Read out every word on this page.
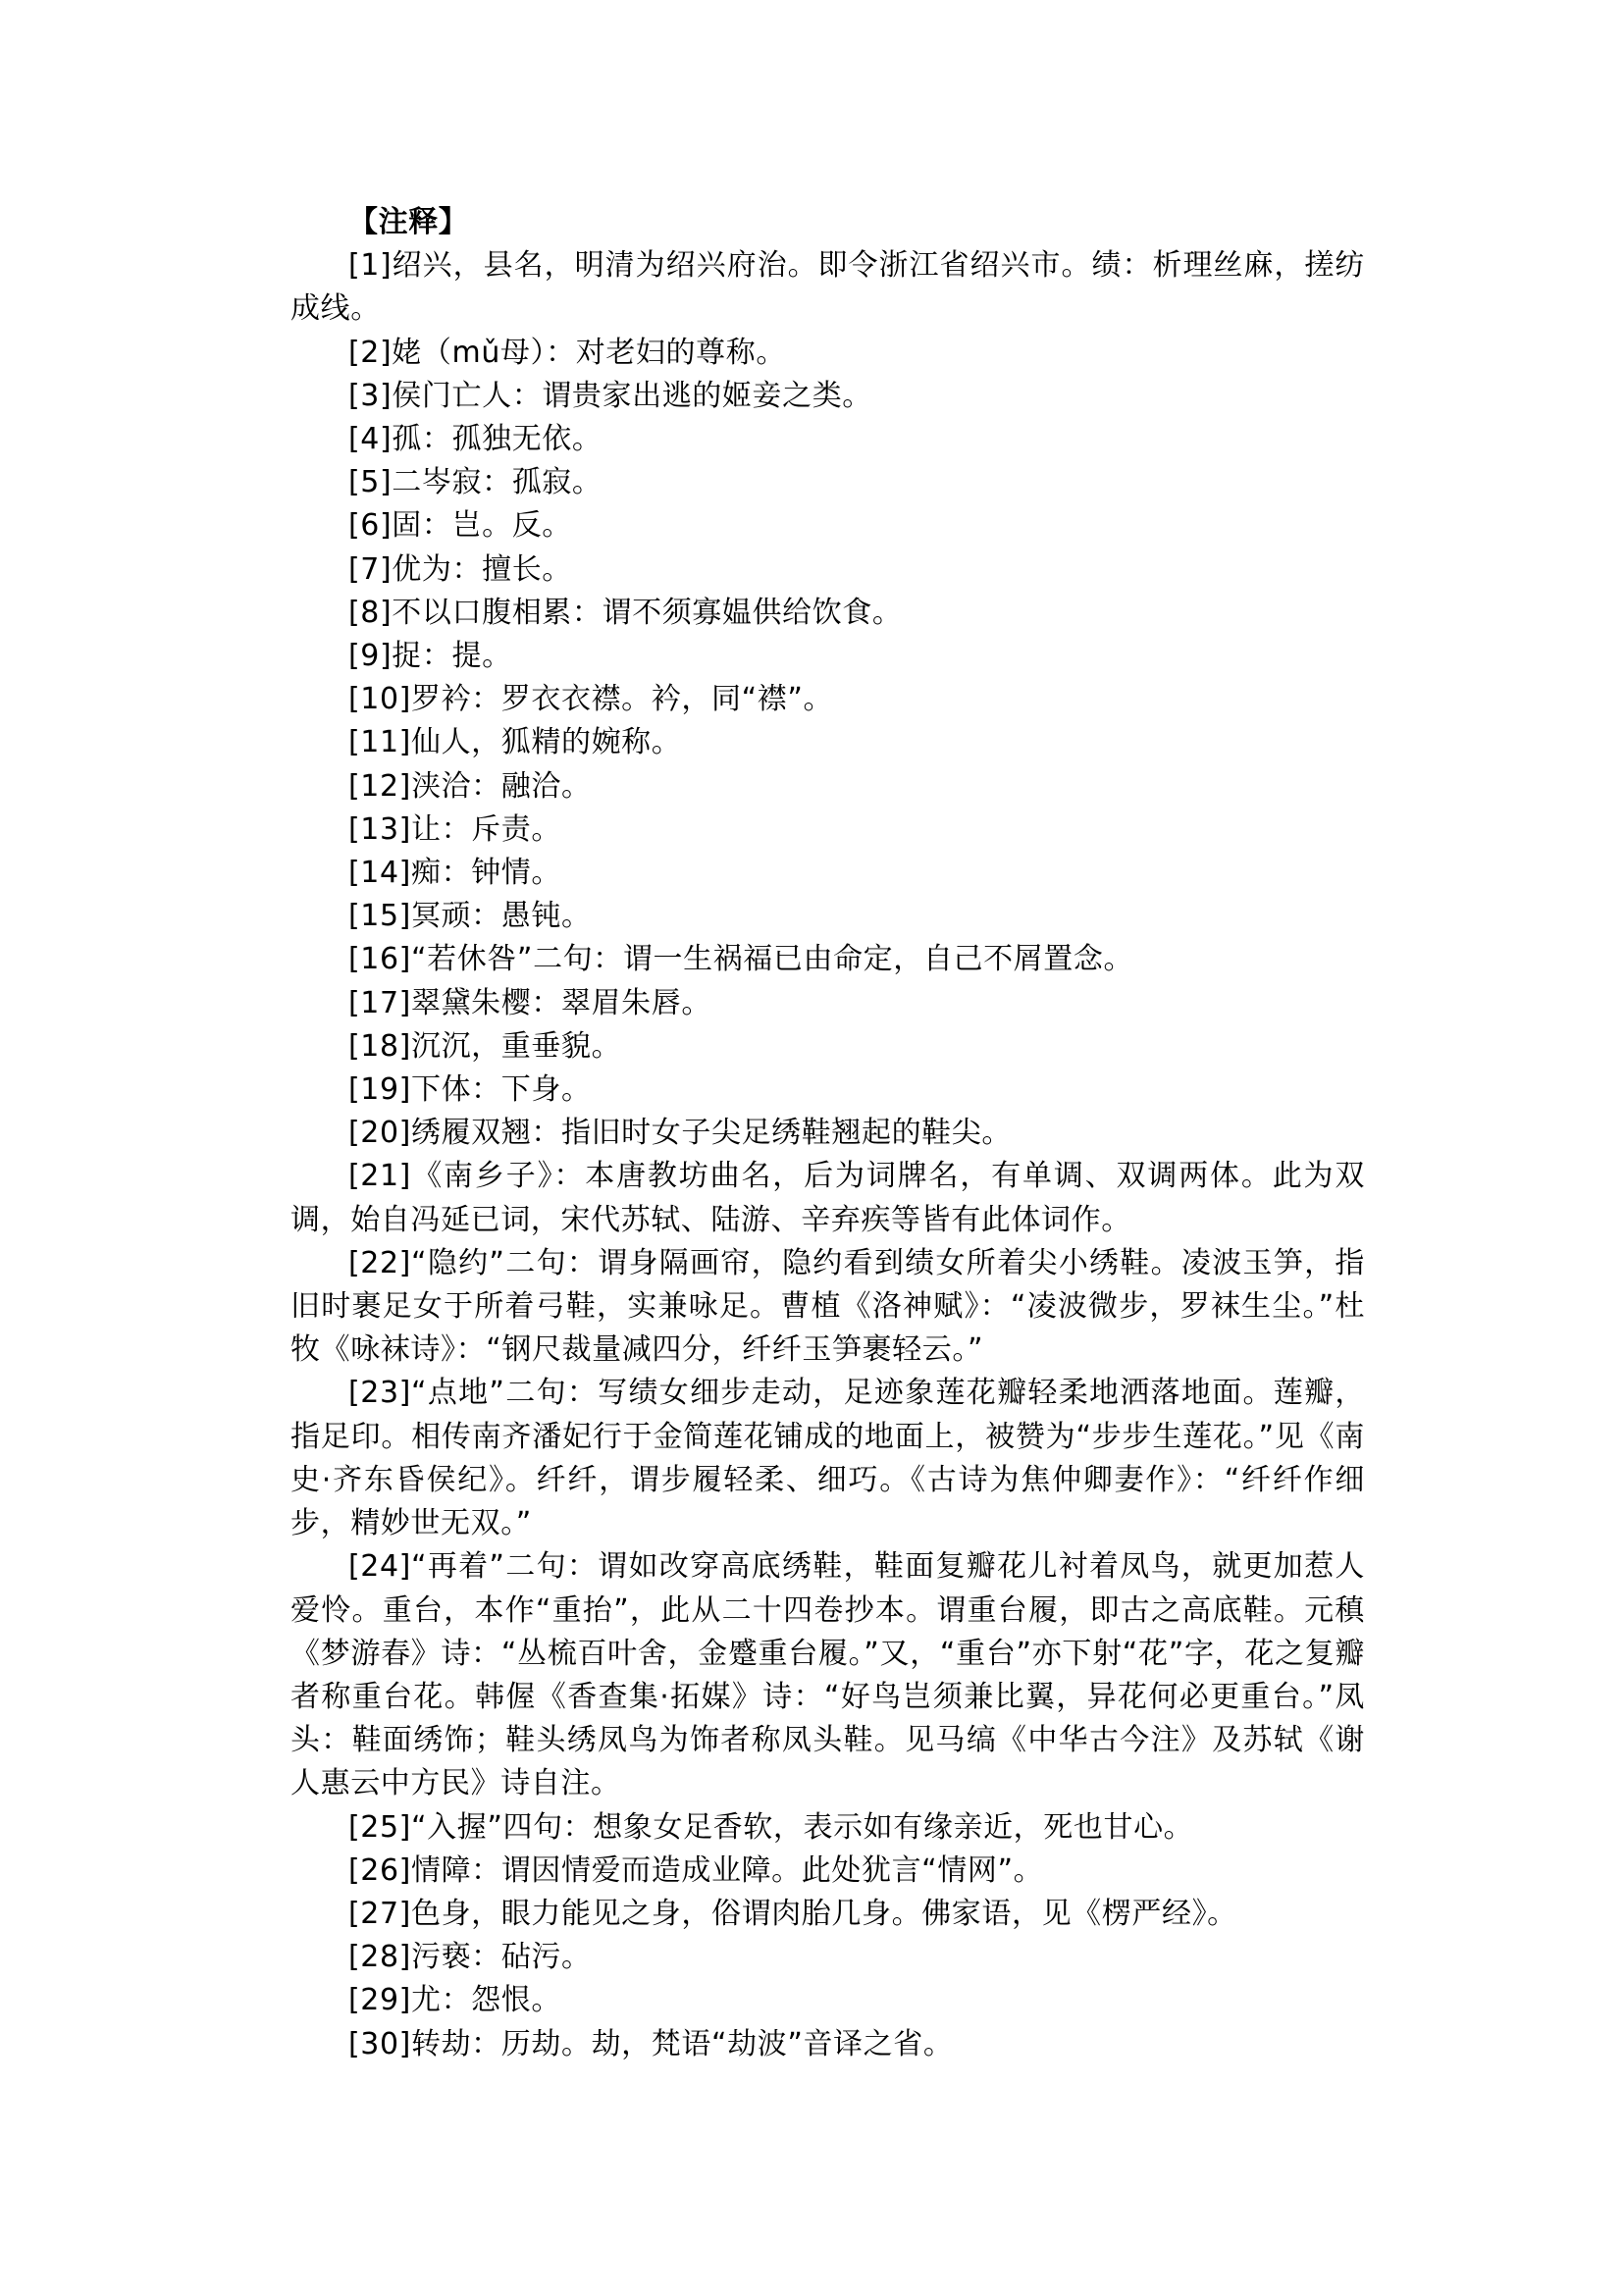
【注释】

[1]绍兴，县名，明清为绍兴府治。即令浙江省绍兴市。绩：析理丝麻，搓纺成线。
[2]姥（mǔ母）：对老妇的尊称。
[3]侯门亡人：谓贵家出逃的姬妾之类。
[4]孤：孤独无依。
[5]二岑寂：孤寂。
[6]固：岂。反。
[7]优为：擅长。
[8]不以口腹相累：谓不须寡媪供给饮食。
[9]捉：提。
[10]罗衿：罗衣衣襟。衿，同“襟”。
[11]仙人，狐精的婉称。
[12]浃洽：融洽。
[13]让：斥责。
[14]痴：钟情。
[15]冥顽：愚钝。
[16]“若休咎”二句：谓一生祸福已由命定，自己不屑置念。
[17]翠黛朱樱：翠眉朱唇。
[18]沉沉，重垂貌。
[19]下体：下身。
[20]绣履双翘：指旧时女子尖足绣鞋翘起的鞋尖。
[21]《南乡子》：本唐教坊曲名，后为词牌名，有单调、双调两体。此为双调，始自冯延已词，宋代苏轼、陆游、辛弃疾等皆有此体词作。
[22]“隐约”二句：谓身隔画帘，隐约看到绩女所着尖小绣鞋。凌波玉笋，指旧时裹足女于所着弓鞋，实兼咏足。曹植《洛神赋》：“凌波微步，罗袜生尘。”杜牧《咏袜诗》：“钢尺裁量减四分，纤纤玉笋裹轻云。”
[23]“点地”二句：写绩女细步走动，足迹象莲花瓣轻柔地洒落地面。莲瓣，指足印。相传南齐潘妃行于金简莲花铺成的地面上，被赞为“步步生莲花。”见《南史·齐东昏侯纪》。纤纤，谓步履轻柔、细巧。《古诗为焦仲卿妻作》：“纤纤作细步，精妙世无双。”
[24]“再着”二句：谓如改穿高底绣鞋，鞋面复瓣花儿衬着凤鸟，就更加惹人爱怜。重台，本作“重抬”，此从二十四卷抄本。谓重台履，即古之高底鞋。元稹《梦游春》诗：“丛梳百叶舍，金蹙重台履。”又，“重台”亦下射“花”字，花之复瓣者称重台花。韩偓《香查集·拓媒》诗：“好鸟岂须兼比翼，异花何必更重台。”凤头：鞋面绣饰；鞋头绣凤鸟为饰者称凤头鞋。见马缟《中华古今注》及苏轼《谢人惠云中方民》诗自注。
[25]“入握”四句：想象女足香软，表示如有缘亲近，死也甘心。
[26]情障：谓因情爱而造成业障。此处犹言“情网”。
[27]色身，眼力能见之身，俗谓肉胎几身。佛家语，见《楞严经》。
[28]污亵：砧污。
[29]尤：怨恨。
[30]转劫：历劫。劫，梵语“劫波”音译之省。
